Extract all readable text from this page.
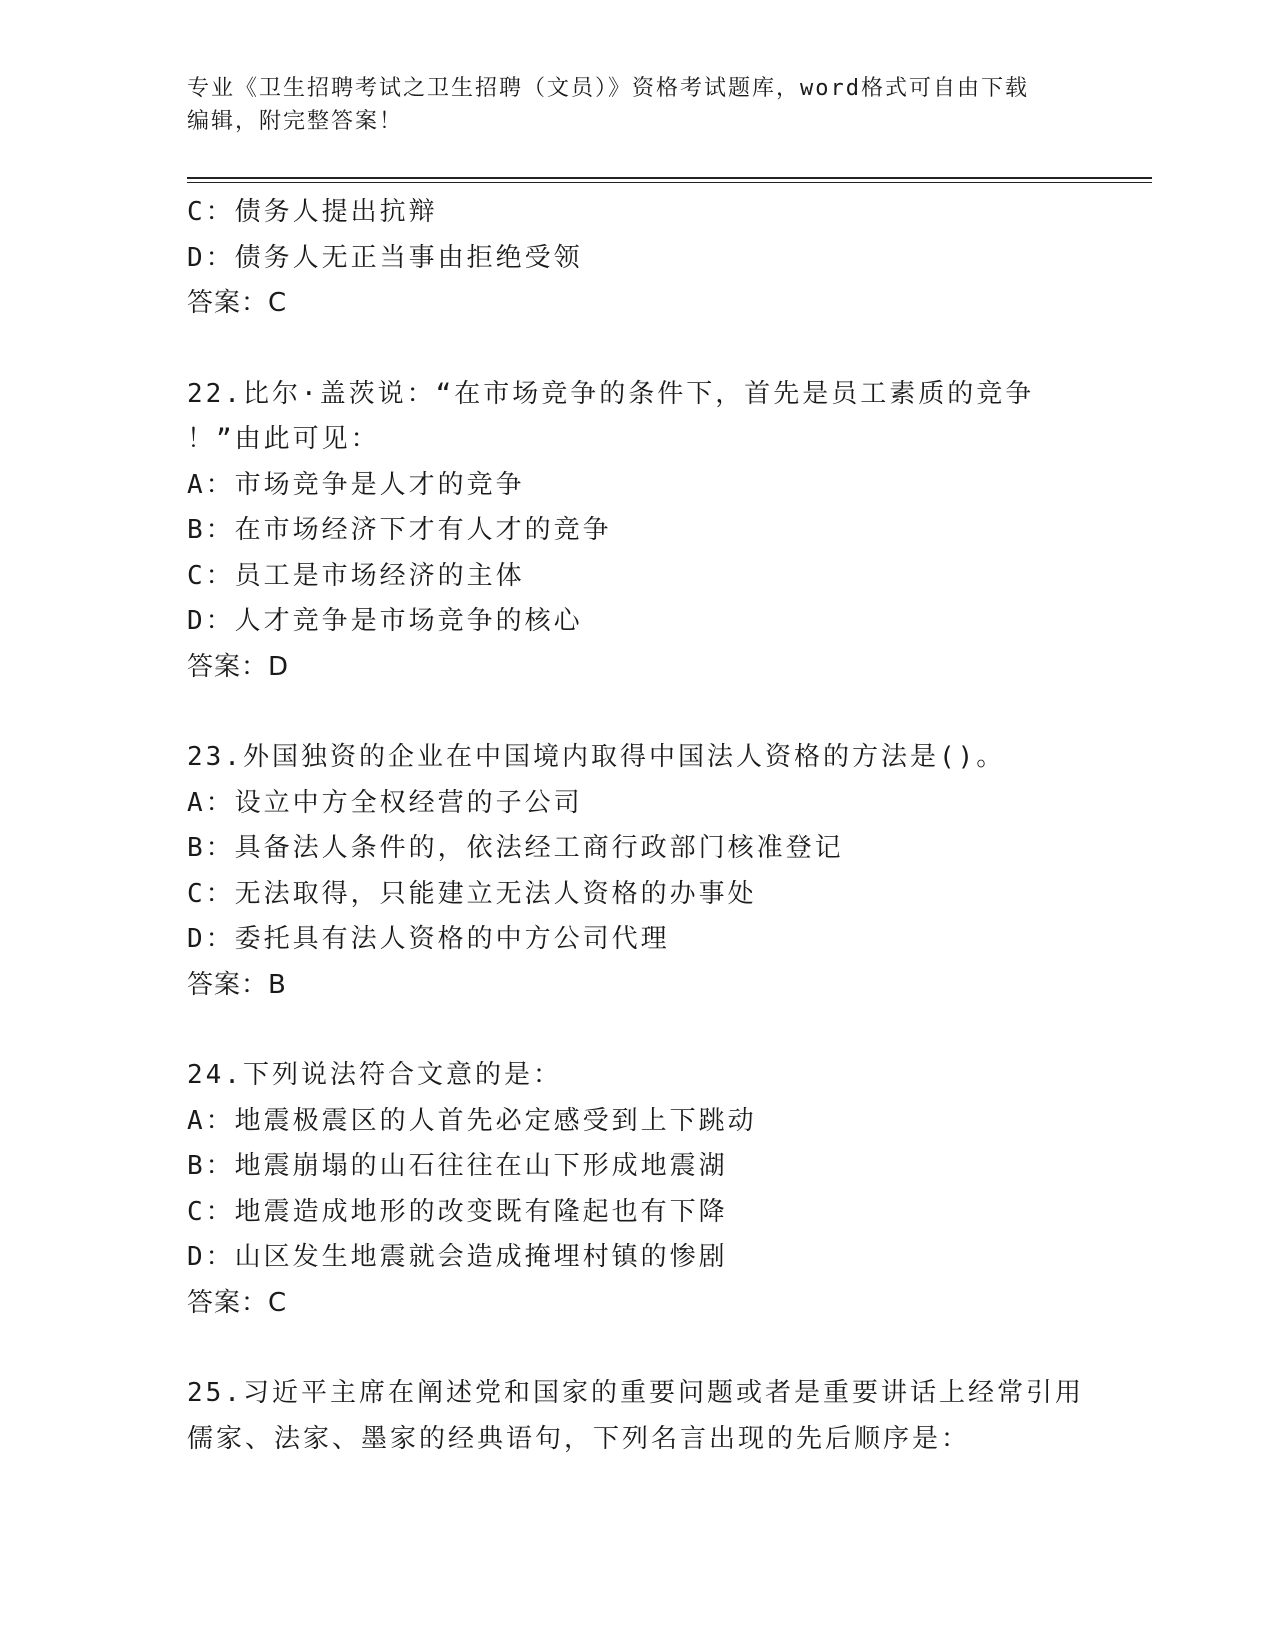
专业《卫生招聘考试之卫生招聘（文员）》资格考试题库，word格式可自由下载
编辑，附完整答案！
C：债务人提出抗辩
D：债务人无正当事由拒绝受领
答案：C
22.比尔·盖茨说：“在市场竞争的条件下，首先是员工素质的竞争
！”由此可见：
A：市场竞争是人才的竞争
B：在市场经济下才有人才的竞争
C：员工是市场经济的主体
D：人才竞争是市场竞争的核心
答案：D
23.外国独资的企业在中国境内取得中国法人资格的方法是()。
A：设立中方全权经营的子公司
B：具备法人条件的，依法经工商行政部门核准登记
C：无法取得，只能建立无法人资格的办事处
D：委托具有法人资格的中方公司代理
答案：B
24.下列说法符合文意的是：
A：地震极震区的人首先必定感受到上下跳动
B：地震崩塌的山石往往在山下形成地震湖
C：地震造成地形的改变既有隆起也有下降
D：山区发生地震就会造成掩埋村镇的惨剧
答案：C
25.习近平主席在阐述党和国家的重要问题或者是重要讲话上经常引用
儒家、法家、墨家的经典语句，下列名言出现的先后顺序是：
